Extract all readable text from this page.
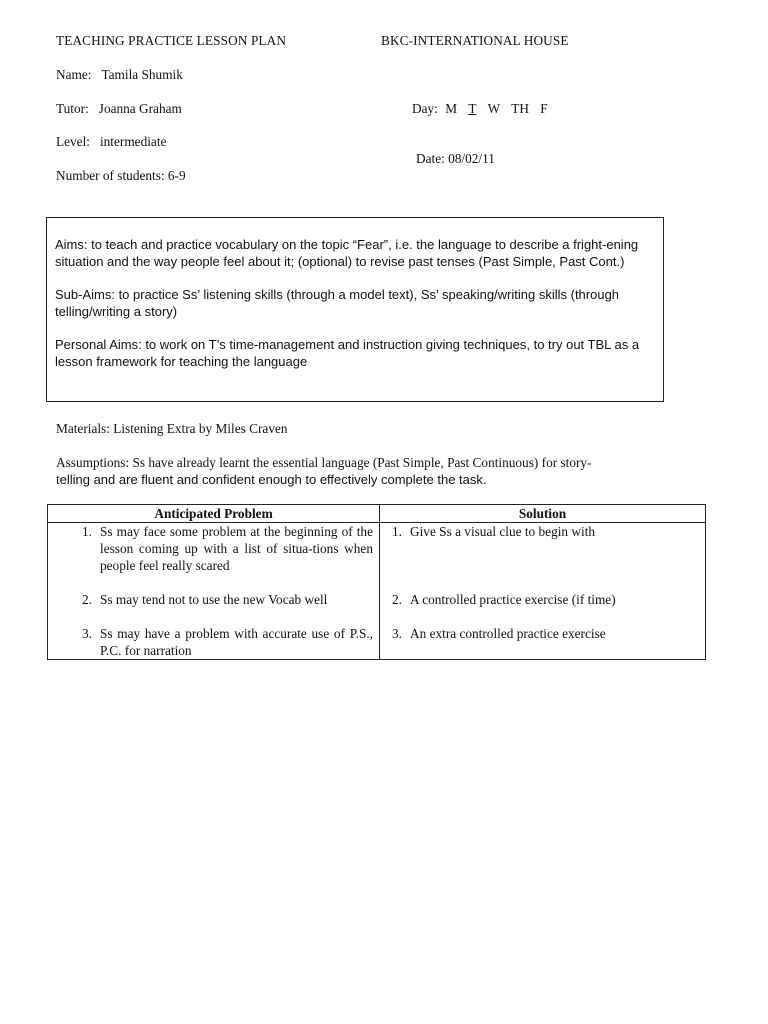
TEACHING PRACTICE LESSON PLAN	BKC-INTERNATIONAL HOUSE
Name: Tamila Shumik
Tutor: Joanna Graham
Level: intermediate
Number of students: 6-9
Day: M T W TH F
Date: 08/02/11

Aims: to teach and practice vocabulary on the topic “Fear”, i.e. the language to describe a fright-ening situation and the way people feel about it; (optional) to revise past tenses (Past Simple, Past Cont.)

Sub-Aims: to practice Ss’ listening skills (through a model text), Ss’ speaking/writing skills (through telling/writing a story)

Personal Aims: to work on T’s time-management and instruction giving techniques, to try out TBL as a lesson framework for teaching the language

Materials: Listening Extra by Miles Craven
Assumptions: Ss have already learnt the essential language (Past Simple, Past Continuous) for story-
telling and are fluent and confident enough to effectively complete the task.
Anticipated Problem	Solution

1. Ss may face some problem at the beginning of the lesson coming up with a list of situa-tions when people feel really scared	1. Give Ss a visual clue to begin with

2. Ss may tend not to use the new Vocab well	2. A controlled practice exercise (if time)

3. Ss may have a problem with accurate use of P.S., P.C. for narration	3. An extra controlled practice exercise
